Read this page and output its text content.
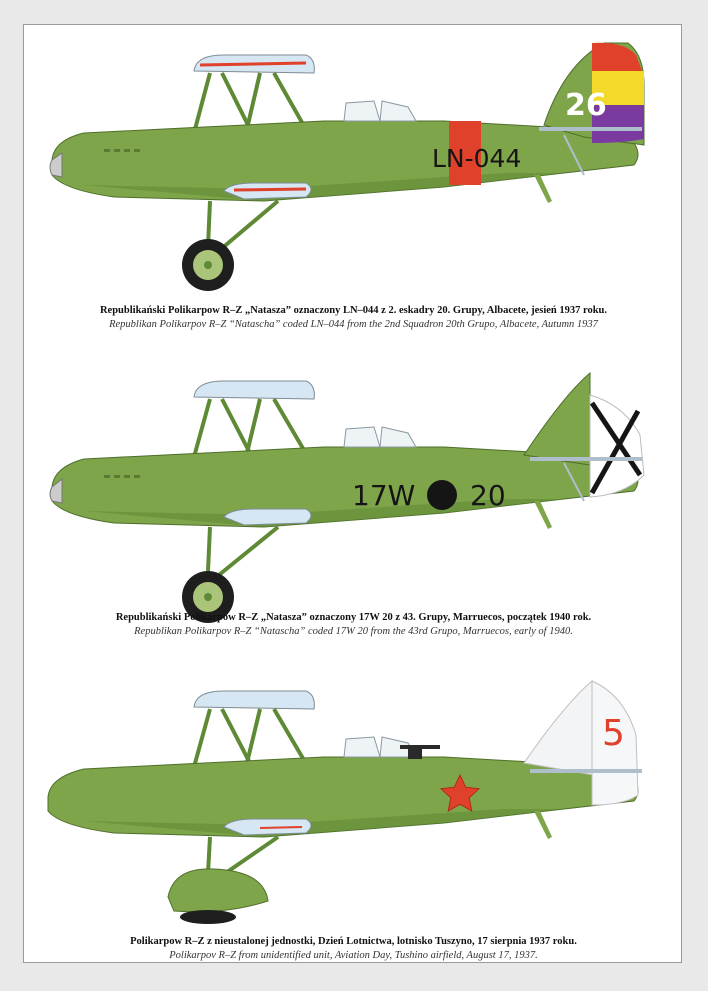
26
LN-044
Republikański Polikarpow R–Z „Natasza” oznaczony LN–044 z 2. eskadry 20. Grupy, Albacete, jesień 1937 roku.
Republikan Polikarpov R–Z “Natascha” coded LN–044 from the 2nd Squadron 20th Grupo, Albacete, Autumn 1937
17W 20
Republikański Polikarpow R–Z „Natasza” oznaczony 17W 20 z 43. Grupy, Marruecos, początek 1940 rok.
Republikan Polikarpov R–Z “Natascha” coded 17W 20 from the 43rd Grupo, Marruecos, early of 1940.
5
Polikarpow R–Z z nieustalonej jednostki, Dzień Lotnictwa, lotnisko Tuszyno, 17 sierpnia 1937 roku.
Polikarpov R–Z from unidentified unit, Aviation Day, Tushino airfield, August 17, 1937.
